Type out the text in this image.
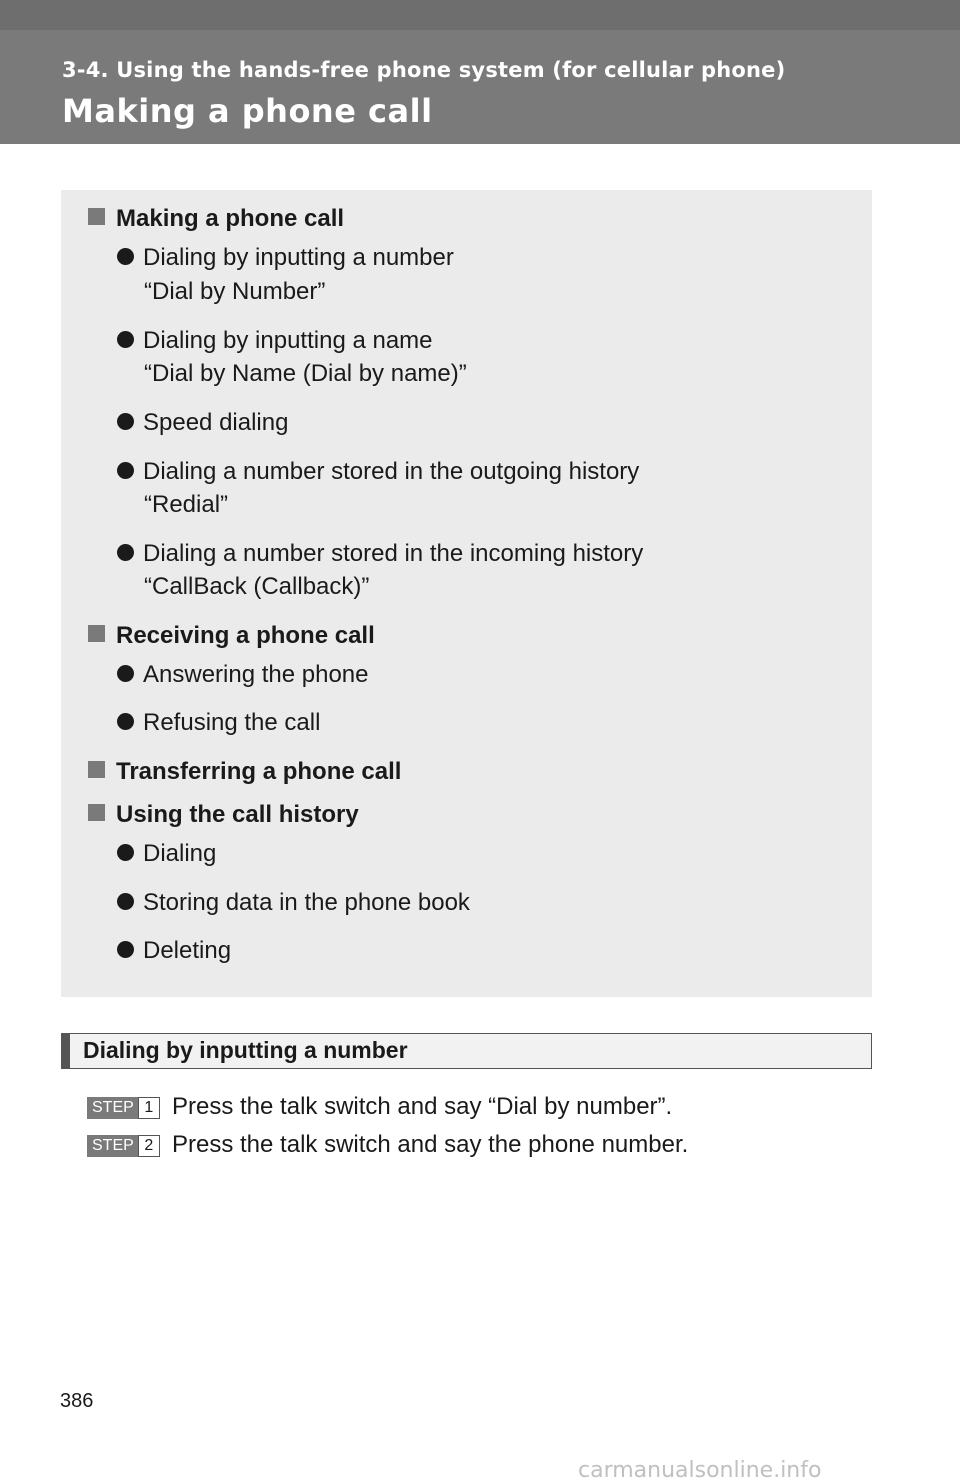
3-4. Using the hands-free phone system (for cellular phone)
Making a phone call
Making a phone call
Dialing by inputting a number
“Dial by Number”
Dialing by inputting a name
“Dial by Name (Dial by name)”
Speed dialing
Dialing a number stored in the outgoing history
“Redial”
Dialing a number stored in the incoming history
“CallBack (Callback)”
Receiving a phone call
Answering the phone
Refusing the call
Transferring a phone call
Using the call history
Dialing
Storing data in the phone book
Deleting
Dialing by inputting a number
STEP 1 Press the talk switch and say “Dial by number”.
STEP 2 Press the talk switch and say the phone number.
386
carmanualsonline.info
